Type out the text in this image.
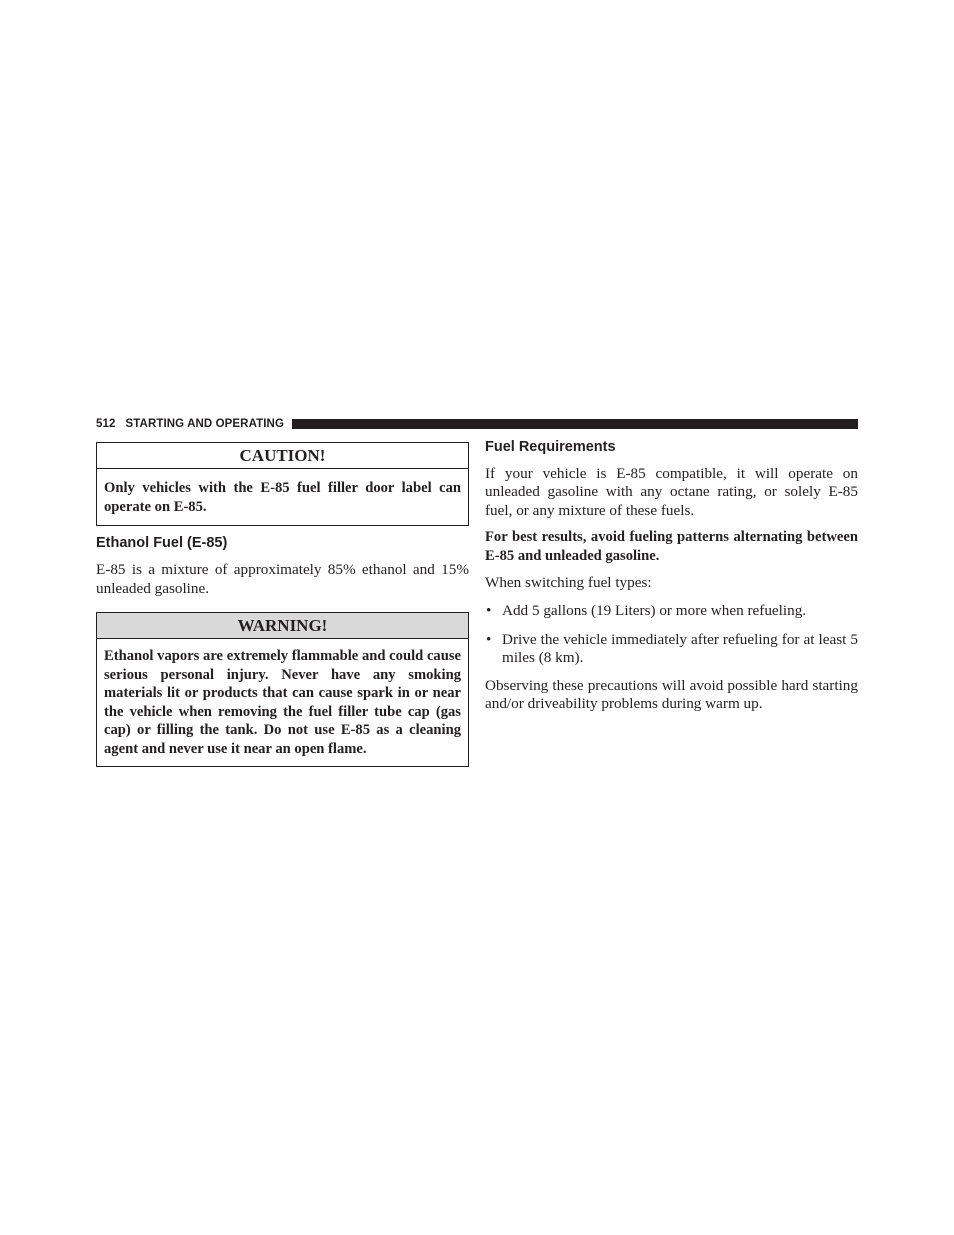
512 STARTING AND OPERATING
CAUTION!
Only vehicles with the E-85 fuel filler door label can operate on E-85.
Ethanol Fuel (E-85)

E-85 is a mixture of approximately 85% ethanol and 15% unleaded gasoline.

WARNING!
Ethanol vapors are extremely flammable and could cause serious personal injury. Never have any smoking materials lit or products that can cause spark in or near the vehicle when removing the fuel filler tube cap (gas cap) or filling the tank. Do not use E-85 as a cleaning agent and never use it near an open flame.
Fuel Requirements

If your vehicle is E-85 compatible, it will operate on unleaded gasoline with any octane rating, or solely E-85 fuel, or any mixture of these fuels.

For best results, avoid fueling patterns alternating between E-85 and unleaded gasoline.

When switching fuel types:

• Add 5 gallons (19 Liters) or more when refueling.
• Drive the vehicle immediately after refueling for at least 5 miles (8 km).

Observing these precautions will avoid possible hard starting and/or driveability problems during warm up.
